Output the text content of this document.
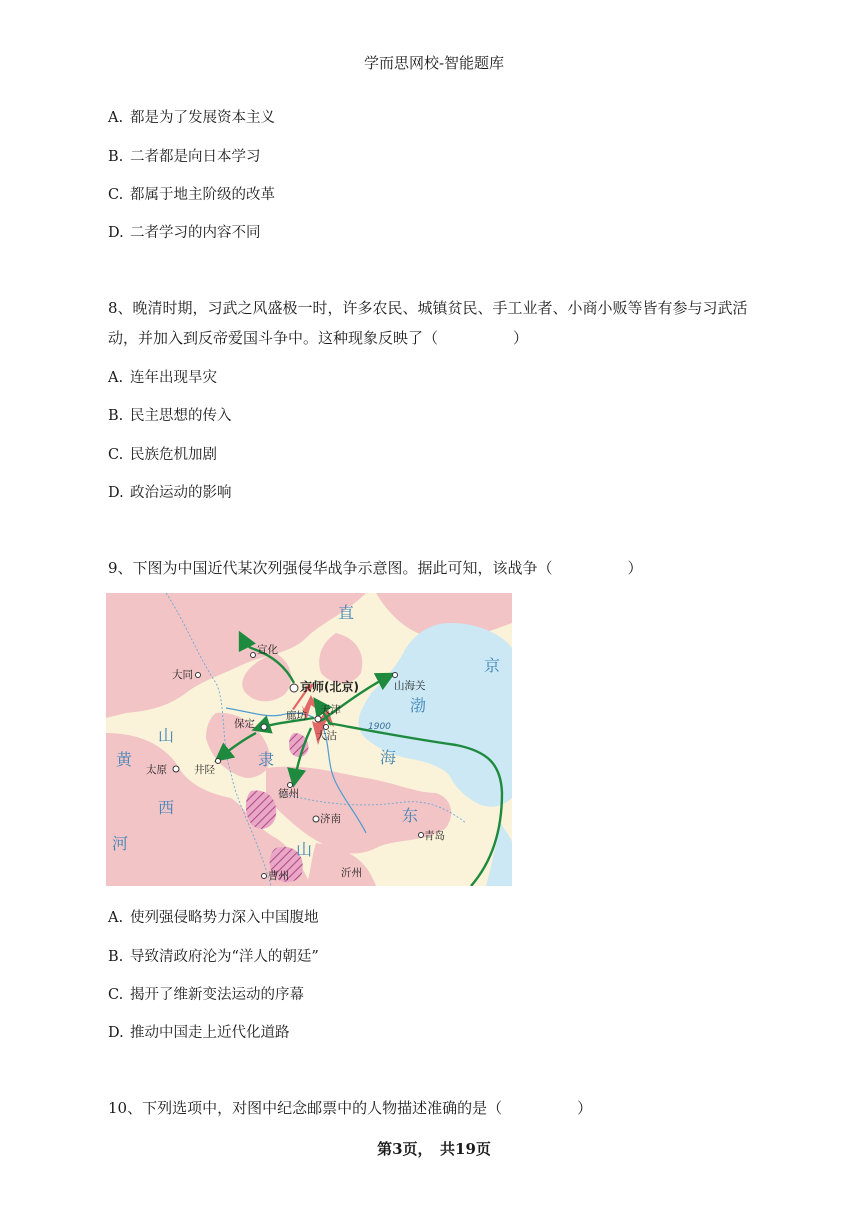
学而思网校-智能题库
A. 都是为了发展资本主义
B. 二者都是向日本学习
C. 都属于地主阶级的改革
D. 二者学习的内容不同
8、晚清时期，习武之风盛极一时，许多农民、城镇贫民、手工业者、小商小贩等皆有参与习武活
动，并加入到反帝爱国斗争中。这种现象反映了（　　　　　）
A. 连年出现旱灾
B. 民主思想的传入
C. 民族危机加剧
D. 政治运动的影响
9、下图为中国近代某次列强侵华战争示意图。据此可知，该战争（　　　　　）
宣化
大同
京师(北京)	山海关
保定
廊坊 天津
大沽
1900
太原	井陉
德州
济南
青岛
曹州	沂州
直
隶
山
西
黄
河
渤
海
京
东
山
A. 使列强侵略势力深入中国腹地
B. 导致清政府沦为“洋人的朝廷”
C. 揭开了维新变法运动的序幕
D. 推动中国走上近代化道路
10、下列选项中，对图中纪念邮票中的人物描述准确的是（　　　　　）
第3页，　共19页
